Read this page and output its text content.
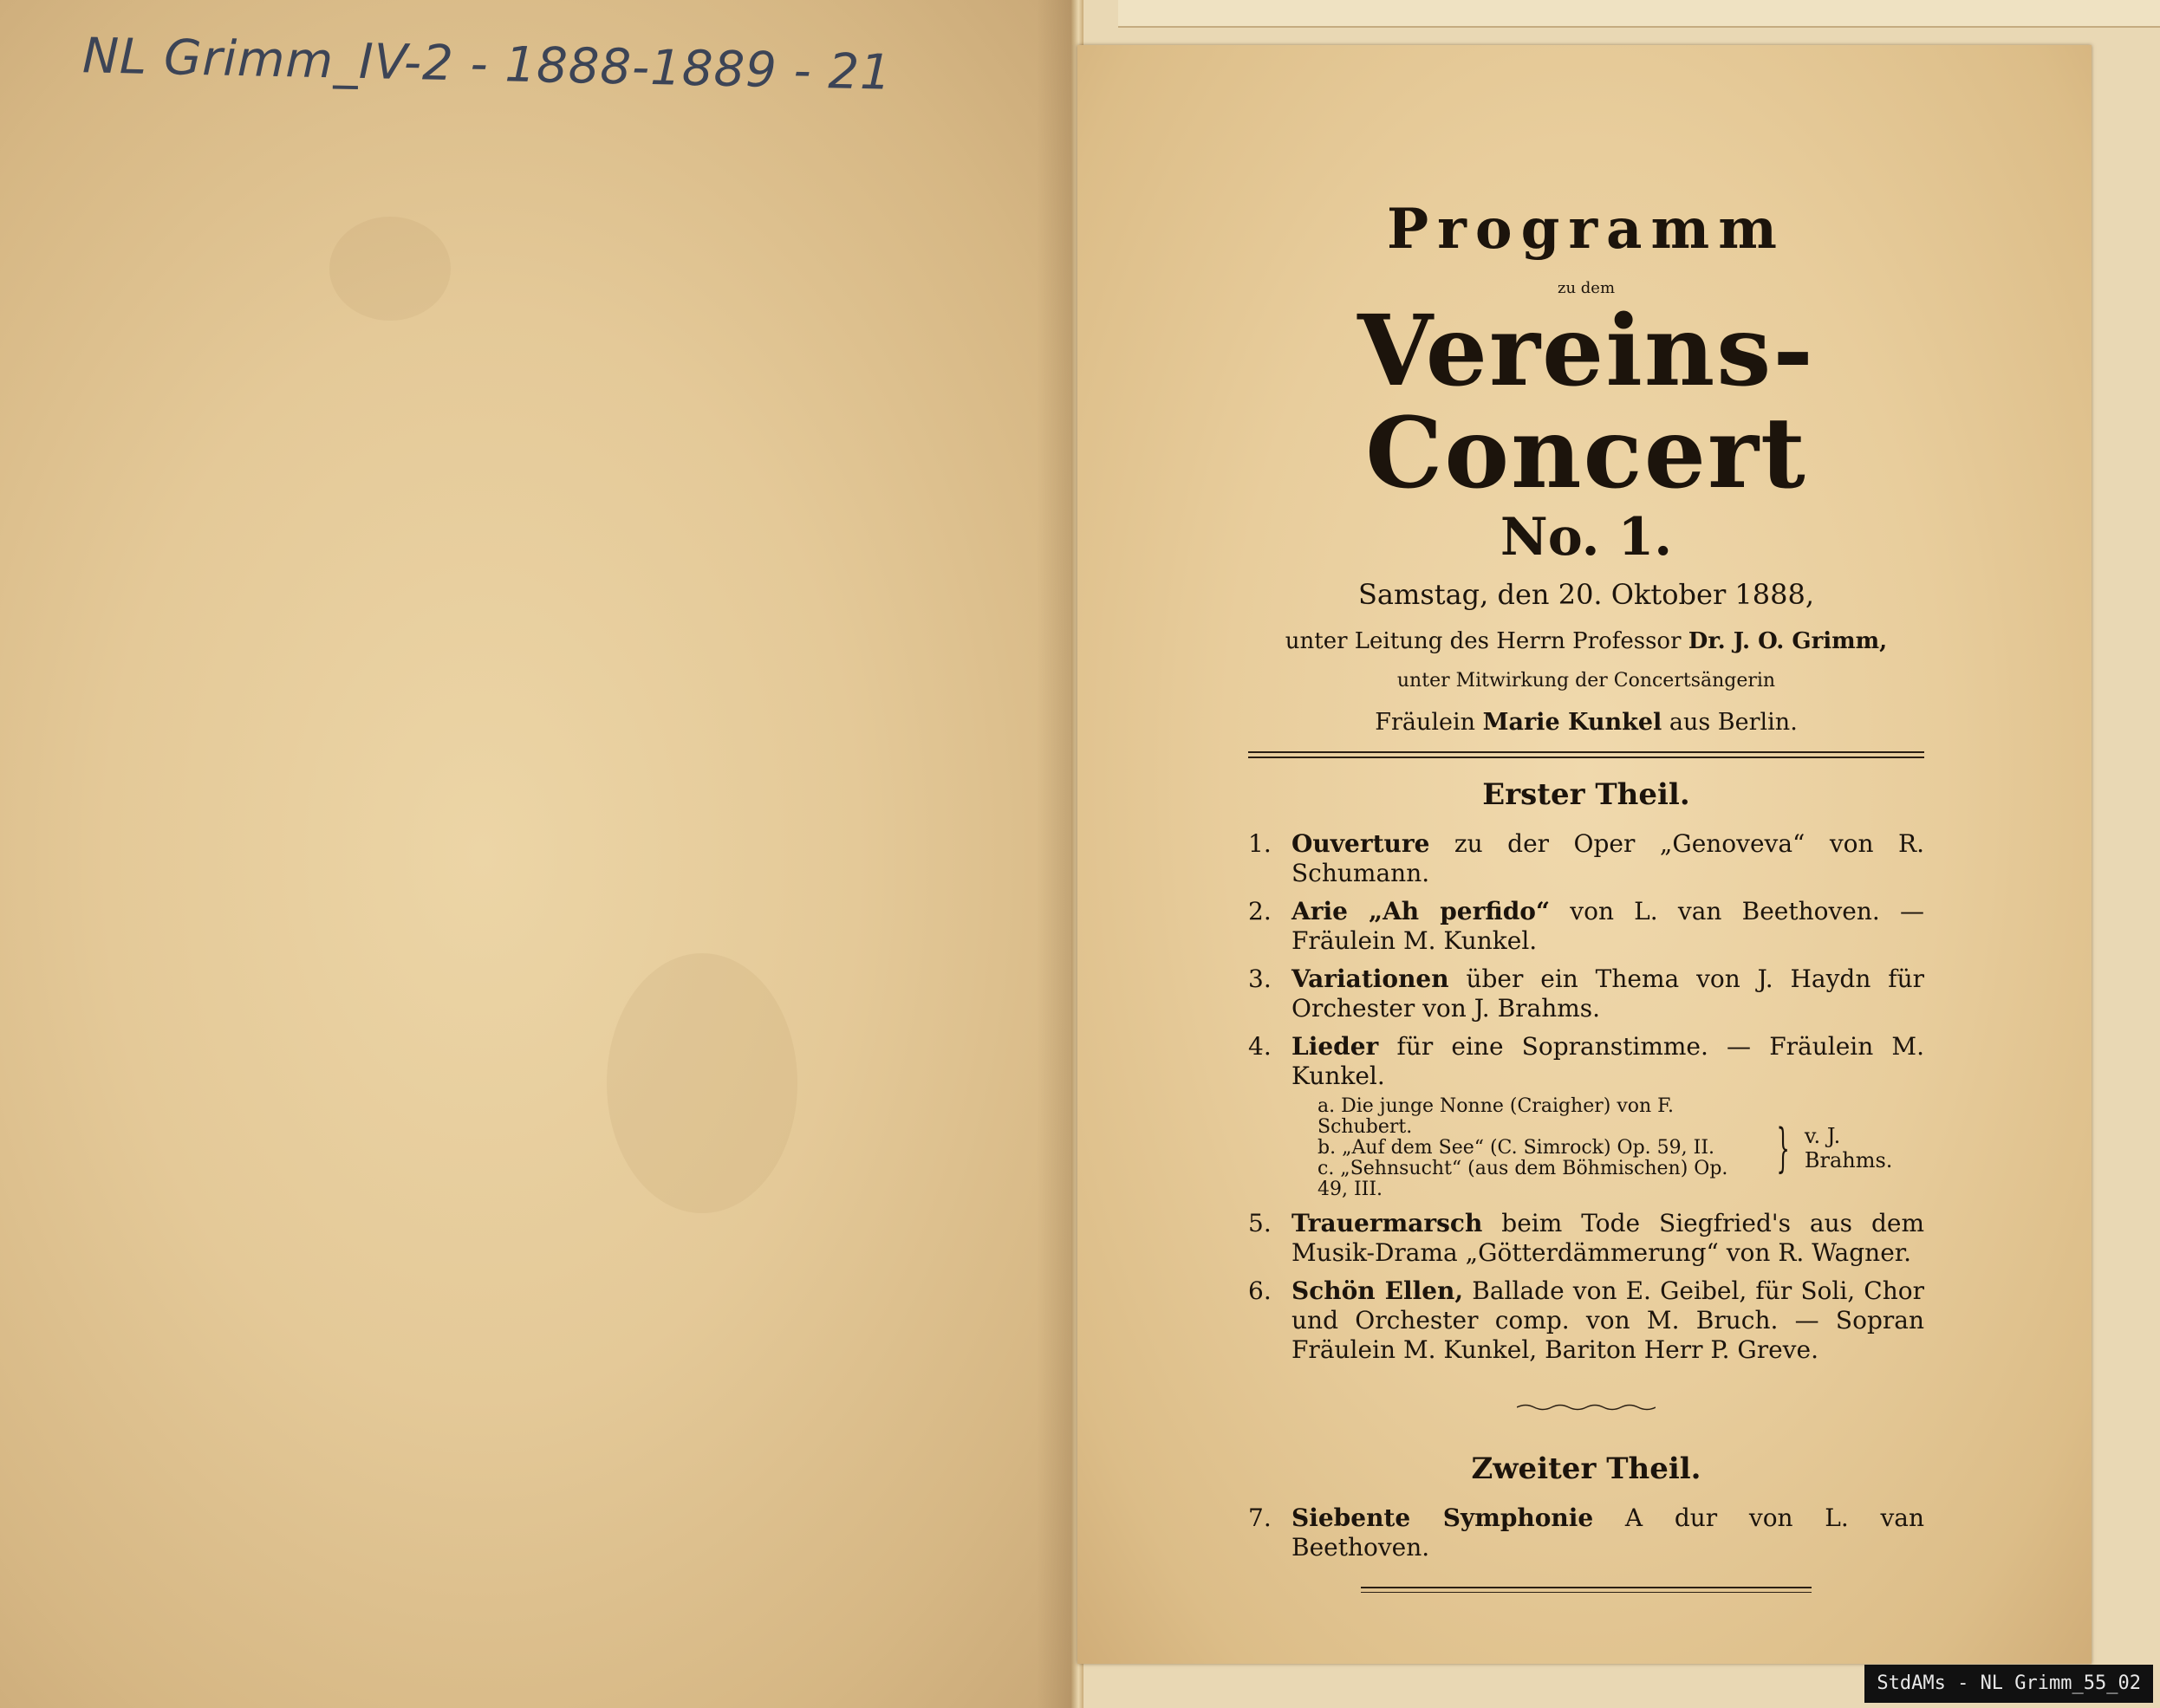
NL Grimm_IV-2 - 1888-1889 - 21

Programm

zu dem

Vereins-Concert

No. 1.

Samstag, den 20. Oktober 1888,

unter Leitung des Herrn Professor Dr. J. O. Grimm,

unter Mitwirkung der Concertsängerin

Fräulein Marie Kunkel aus Berlin.

Erster Theil.

1. Ouverture zu der Oper „Genoveva“ von R. Schumann.
2. Arie „Ah perfido“ von L. van Beethoven. — Fräulein M. Kunkel.
3. Variationen über ein Thema von J. Haydn für Orchester von J. Brahms.
4. Lieder für eine Sopranstimme. — Fräulein M. Kunkel.
a. Die junge Nonne (Craigher) von F. Schubert.
b. „Auf dem See“ (C. Simrock) Op. 59, II.
c. „Sehnsucht“ (aus dem Böhmischen) Op. 49, III.
} v. J. Brahms.
5. Trauermarsch beim Tode Siegfried's aus dem Musik-Drama „Götterdämmerung“ von R. Wagner.
6. Schön Ellen, Ballade von E. Geibel, für Soli, Chor und Orchester comp. von M. Bruch. — Sopran Fräulein M. Kunkel, Bariton Herr P. Greve.

Zweiter Theil.

7. Siebente Symphonie A dur von L. van Beethoven.
StdAMs - NL Grimm_55_02
